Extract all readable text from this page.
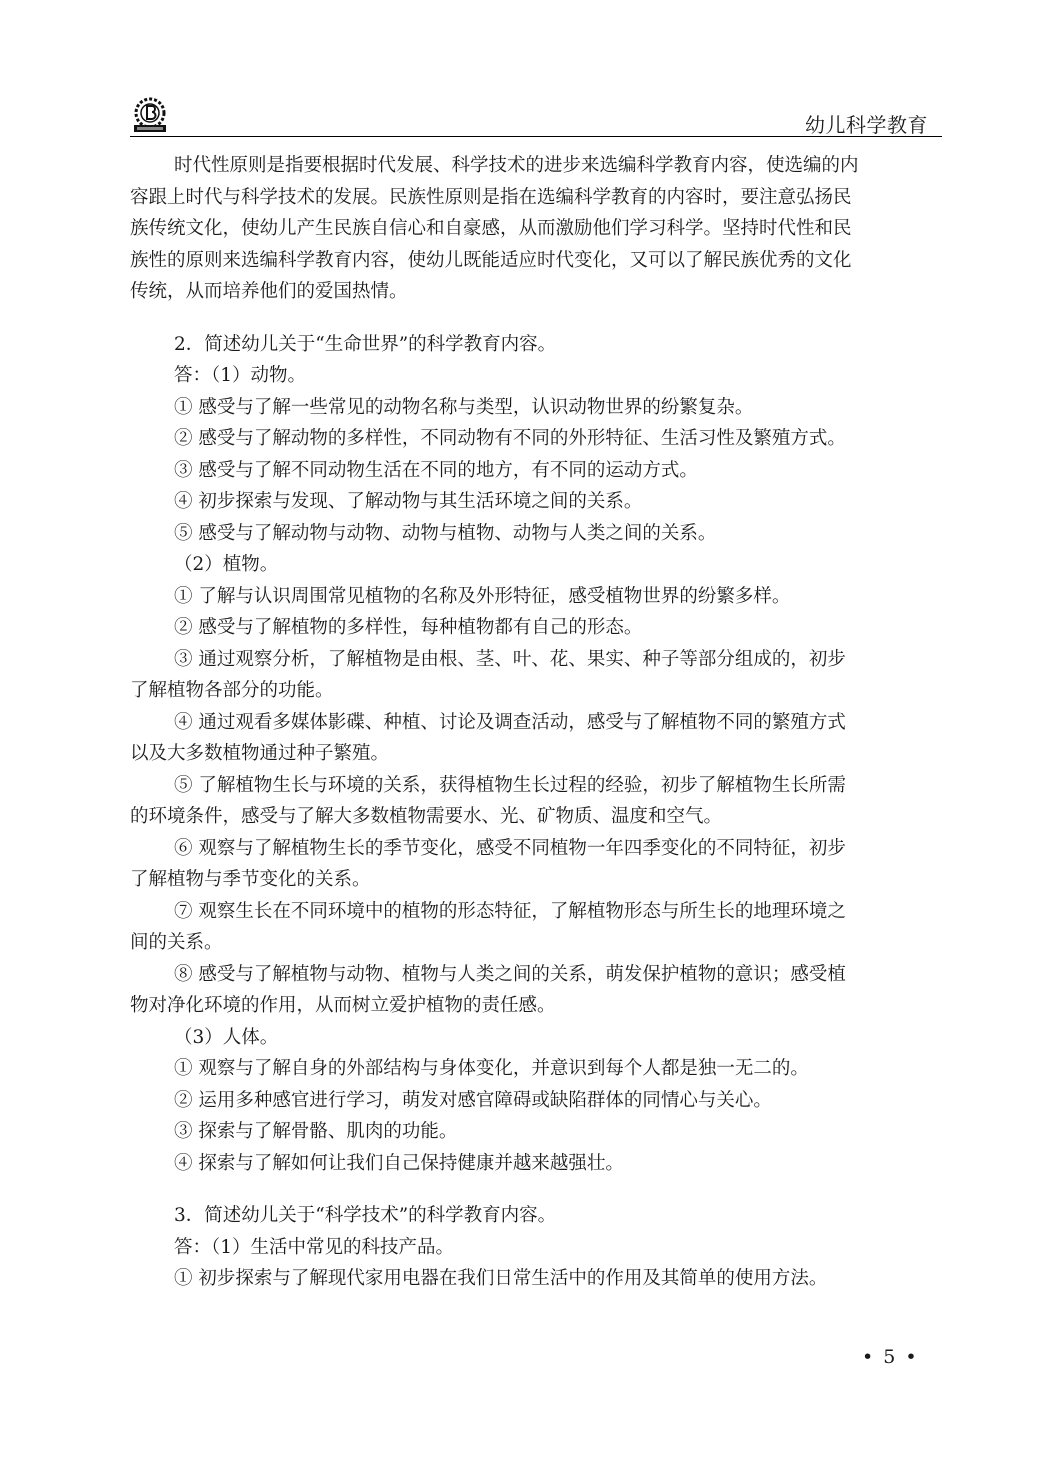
幼儿科学教育

时代性原则是指要根据时代发展、科学技术的进步来选编科学教育内容，使选编的内

容跟上时代与科学技术的发展。民族性原则是指在选编科学教育的内容时，要注意弘扬民

族传统文化，使幼儿产生民族自信心和自豪感，从而激励他们学习科学。坚持时代性和民

族性的原则来选编科学教育内容，使幼儿既能适应时代变化，又可以了解民族优秀的文化

传统，从而培养他们的爱国热情。

2．简述幼儿关于“生命世界”的科学教育内容。

答：（1）动物。

① 感受与了解一些常见的动物名称与类型，认识动物世界的纷繁复杂。

② 感受与了解动物的多样性，不同动物有不同的外形特征、生活习性及繁殖方式。

③ 感受与了解不同动物生活在不同的地方，有不同的运动方式。

④ 初步探索与发现、了解动物与其生活环境之间的关系。

⑤ 感受与了解动物与动物、动物与植物、动物与人类之间的关系。

（2）植物。

① 了解与认识周围常见植物的名称及外形特征，感受植物世界的纷繁多样。

② 感受与了解植物的多样性，每种植物都有自己的形态。

③ 通过观察分析，了解植物是由根、茎、叶、花、果实、种子等部分组成的，初步

了解植物各部分的功能。

④ 通过观看多媒体影碟、种植、讨论及调查活动，感受与了解植物不同的繁殖方式

以及大多数植物通过种子繁殖。

⑤ 了解植物生长与环境的关系，获得植物生长过程的经验，初步了解植物生长所需

的环境条件，感受与了解大多数植物需要水、光、矿物质、温度和空气。

⑥ 观察与了解植物生长的季节变化，感受不同植物一年四季变化的不同特征，初步

了解植物与季节变化的关系。

⑦ 观察生长在不同环境中的植物的形态特征，了解植物形态与所生长的地理环境之

间的关系。

⑧ 感受与了解植物与动物、植物与人类之间的关系，萌发保护植物的意识；感受植

物对净化环境的作用，从而树立爱护植物的责任感。

（3）人体。

① 观察与了解自身的外部结构与身体变化，并意识到每个人都是独一无二的。

② 运用多种感官进行学习，萌发对感官障碍或缺陷群体的同情心与关心。

③ 探索与了解骨骼、肌肉的功能。

④ 探索与了解如何让我们自己保持健康并越来越强壮。

3．简述幼儿关于“科学技术”的科学教育内容。

答：（1）生活中常见的科技产品。

① 初步探索与了解现代家用电器在我们日常生活中的作用及其简单的使用方法。

• 5 •
